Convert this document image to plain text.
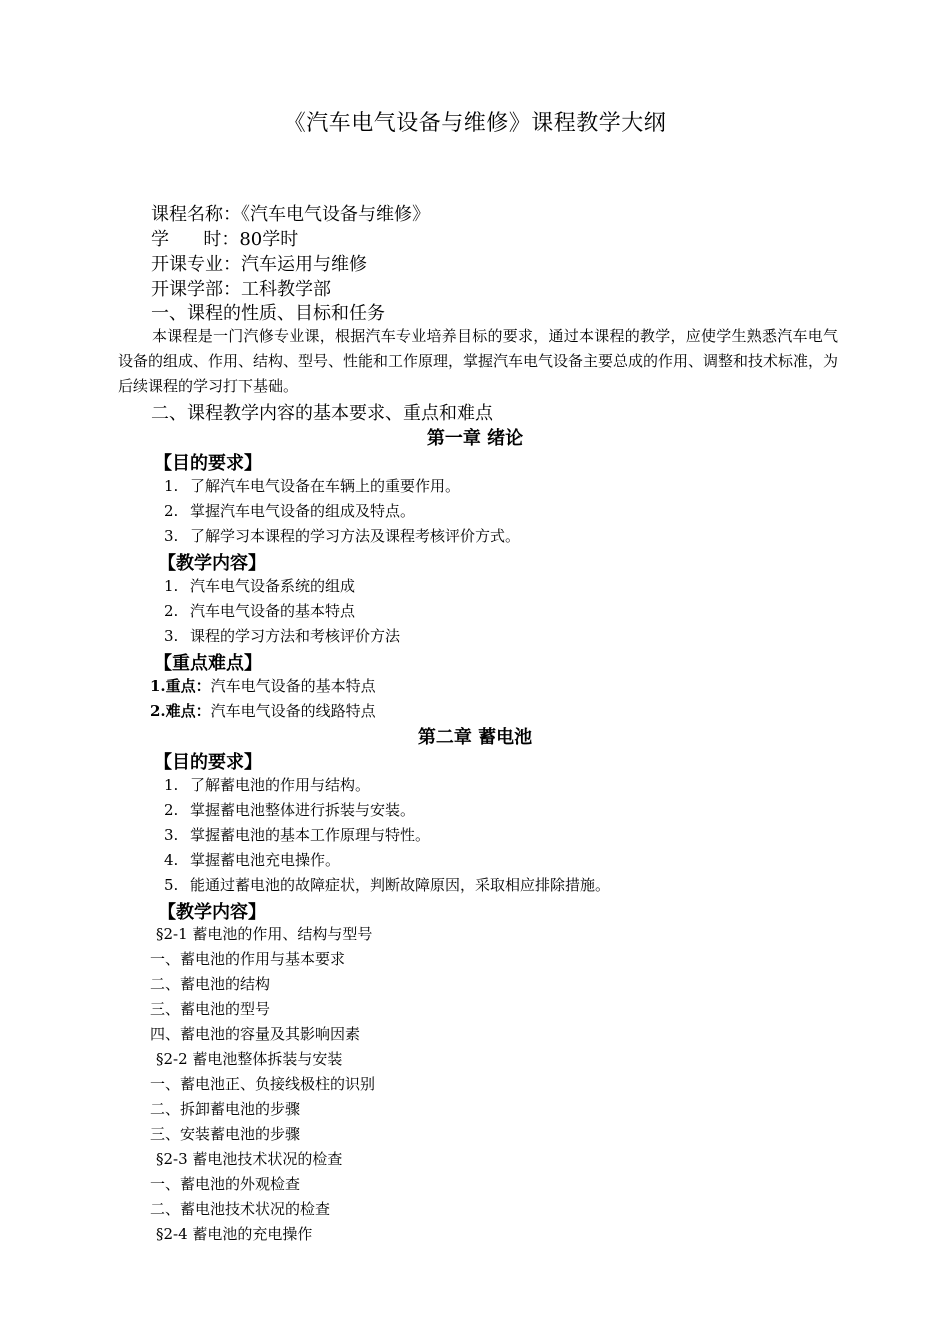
《汽车电气设备与维修》课程教学大纲
课程名称：《汽车电气设备与维修》
学      时：80学时
开课专业：汽车运用与维修
开课学部：工科教学部
一、课程的性质、目标和任务
本课程是一门汽修专业课，根据汽车专业培养目标的要求，通过本课程的教学，应使学生熟悉汽车电气设备的组成、作用、结构、型号、性能和工作原理，掌握汽车电气设备主要总成的作用、调整和技术标准，为后续课程的学习打下基础。
二、课程教学内容的基本要求、重点和难点
第一章 绪论
【目的要求】
1. 了解汽车电气设备在车辆上的重要作用。
2. 掌握汽车电气设备的组成及特点。
3. 了解学习本课程的学习方法及课程考核评价方式。
【教学内容】
1. 汽车电气设备系统的组成
2. 汽车电气设备的基本特点
3. 课程的学习方法和考核评价方法
【重点难点】
1.重点：汽车电气设备的基本特点
2.难点：汽车电气设备的线路特点
第二章 蓄电池
【目的要求】
1. 了解蓄电池的作用与结构。
2. 掌握蓄电池整体进行拆装与安装。
3. 掌握蓄电池的基本工作原理与特性。
4. 掌握蓄电池充电操作。
5. 能通过蓄电池的故障症状，判断故障原因，采取相应排除措施。
【教学内容】
§2-1 蓄电池的作用、结构与型号
一、蓄电池的作用与基本要求
二、蓄电池的结构
三、蓄电池的型号
四、蓄电池的容量及其影响因素
§2-2 蓄电池整体拆装与安装
一、蓄电池正、负接线极柱的识别
二、拆卸蓄电池的步骤
三、安装蓄电池的步骤
§2-3 蓄电池技术状况的检查
一、蓄电池的外观检查
二、蓄电池技术状况的检查
§2-4 蓄电池的充电操作
